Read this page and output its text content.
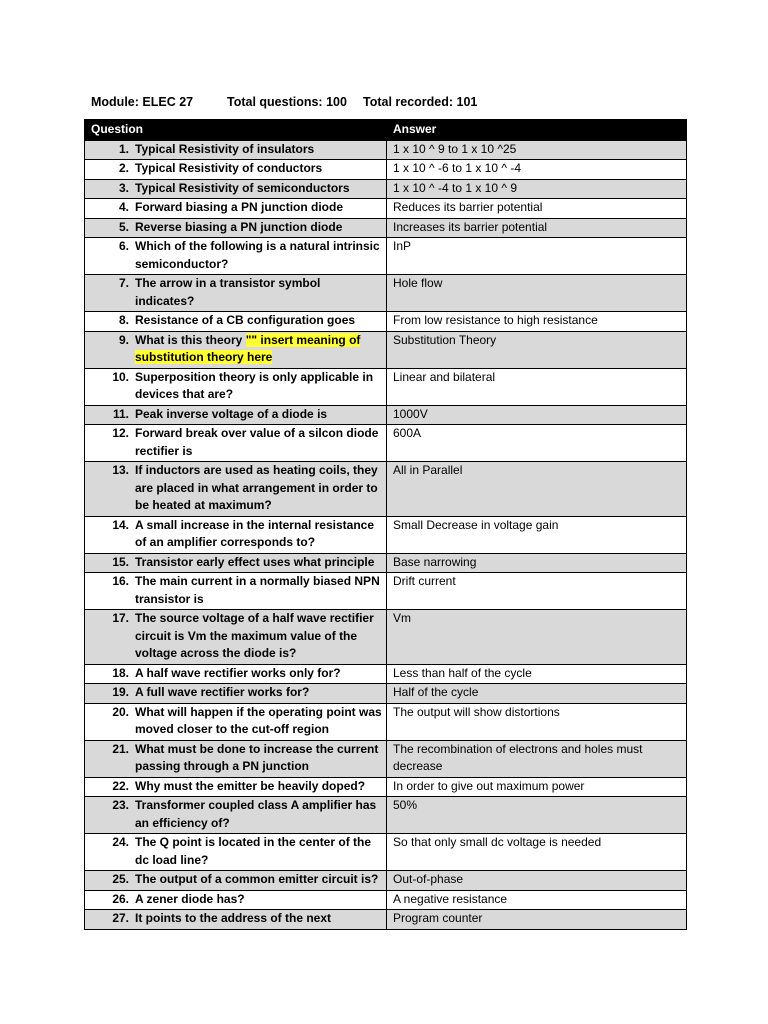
Module: ELEC 27	Total questions: 100 Total recorded: 101
Question	Answer

1. Typical Resistivity of insulators	1 x 10 ^ 9 to 1 x 10 ^25

2. Typical Resistivity of conductors	1 x 10 ^ -6 to 1 x 10 ^ -4

3. Typical Resistivity of semiconductors	1 x 10 ^ -4 to 1 x 10 ^ 9

4. Forward biasing a PN junction diode	Reduces its barrier potential

5. Reverse biasing a PN junction diode	Increases its barrier potential

6. Which of the following is a natural intrinsic semiconductor?	InP

7. The arrow in a transistor symbol indicates?	Hole flow

8. Resistance of a CB configuration goes	From low resistance to high resistance

9. What is this theory "" insert meaning of substitution theory here	Substitution Theory

10. Superposition theory is only applicable in devices that are?	Linear and bilateral

11. Peak inverse voltage of a diode is	1000V

12. Forward break over value of a silcon diode rectifier is	600A

13. If inductors are used as heating coils, they are placed in what arrangement in order to be heated at maximum?	All in Parallel

14. A small increase in the internal resistance of an amplifier corresponds to?	Small Decrease in voltage gain

15. Transistor early effect uses what principle	Base narrowing

16. The main current in a normally biased NPN transistor is	Drift current

17. The source voltage of a half wave rectifier circuit is Vm the maximum value of the voltage across the diode is?	Vm

18. A half wave rectifier works only for?	Less than half of the cycle

19. A full wave rectifier works for?	Half of the cycle

20. What will happen if the operating point was moved closer to the cut-off region	The output will show distortions

21. What must be done to increase the current passing through a PN junction	The recombination of electrons and holes must decrease

22. Why must the emitter be heavily doped?	In order to give out maximum power

23. Transformer coupled class A amplifier has an efficiency of?	50%

24. The Q point is located in the center of the dc load line?	So that only small dc voltage is needed

25. The output of a common emitter circuit is?	Out-of-phase

26. A zener diode has?	A negative resistance

27. It points to the address of the next	Program counter
